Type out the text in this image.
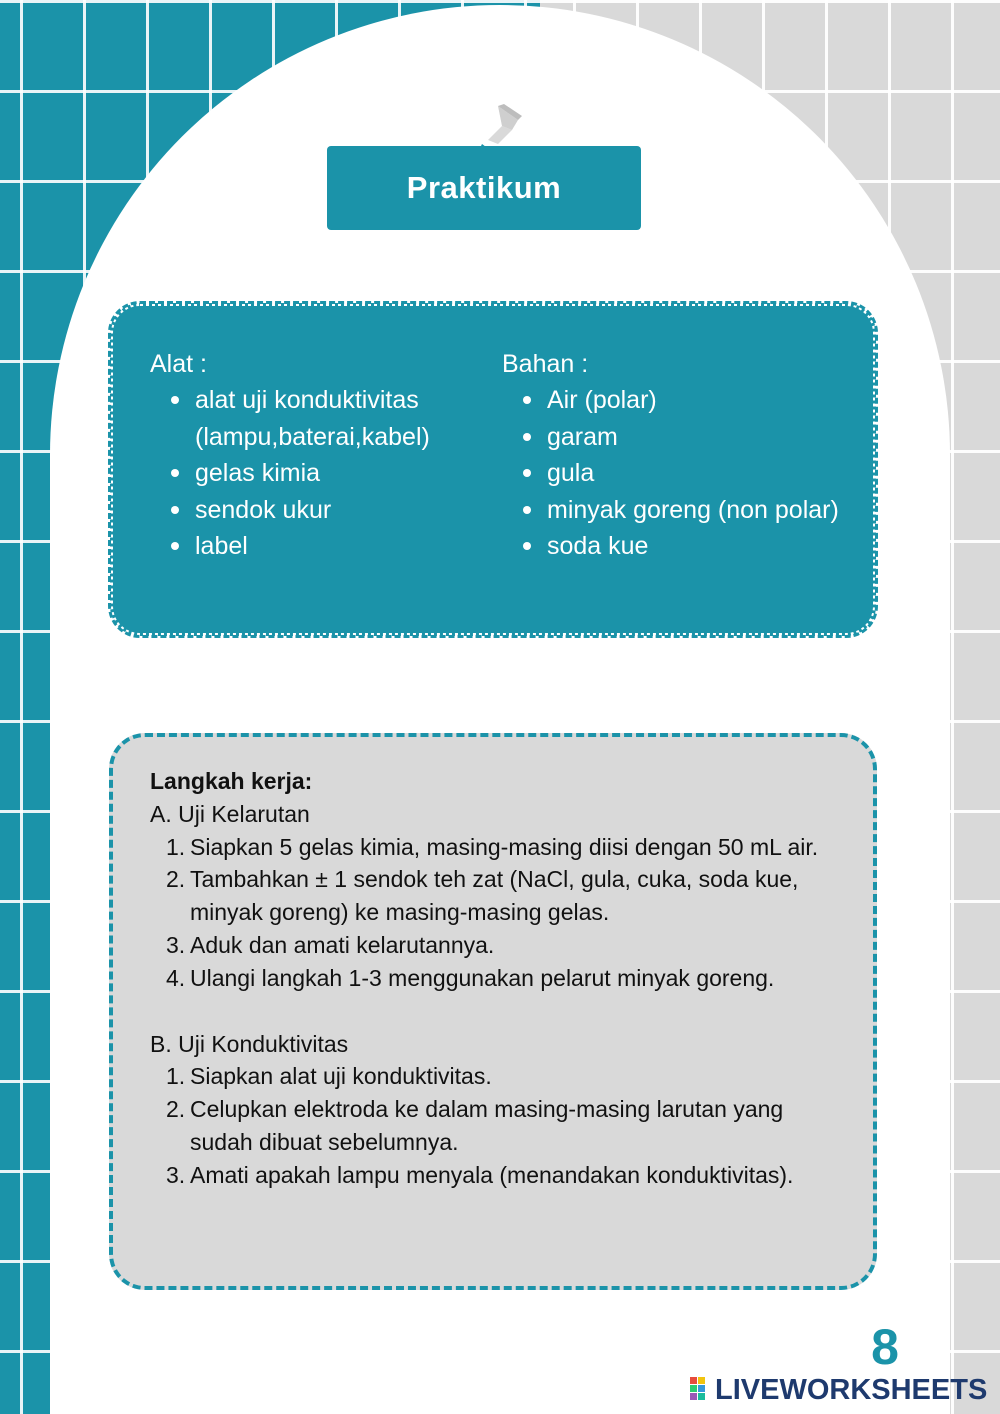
Praktikum
Alat :
alat uji konduktivitas (lampu,baterai,kabel)
gelas kimia
sendok ukur
label
Bahan :
Air (polar)
garam
gula
minyak goreng (non polar)
soda kue
Langkah kerja:
A. Uji Kelarutan
1. Siapkan 5 gelas kimia, masing-masing diisi dengan 50 mL air.
2. Tambahkan ± 1 sendok teh zat (NaCl, gula, cuka, soda kue, minyak goreng) ke masing-masing gelas.
3. Aduk dan amati kelarutannya.
4. Ulangi langkah 1-3 menggunakan pelarut minyak goreng.
B. Uji Konduktivitas
1. Siapkan alat uji konduktivitas.
2. Celupkan elektroda ke dalam masing-masing larutan yang sudah dibuat sebelumnya.
3. Amati apakah lampu menyala (menandakan konduktivitas).
8
LIVEWORKSHEETS
